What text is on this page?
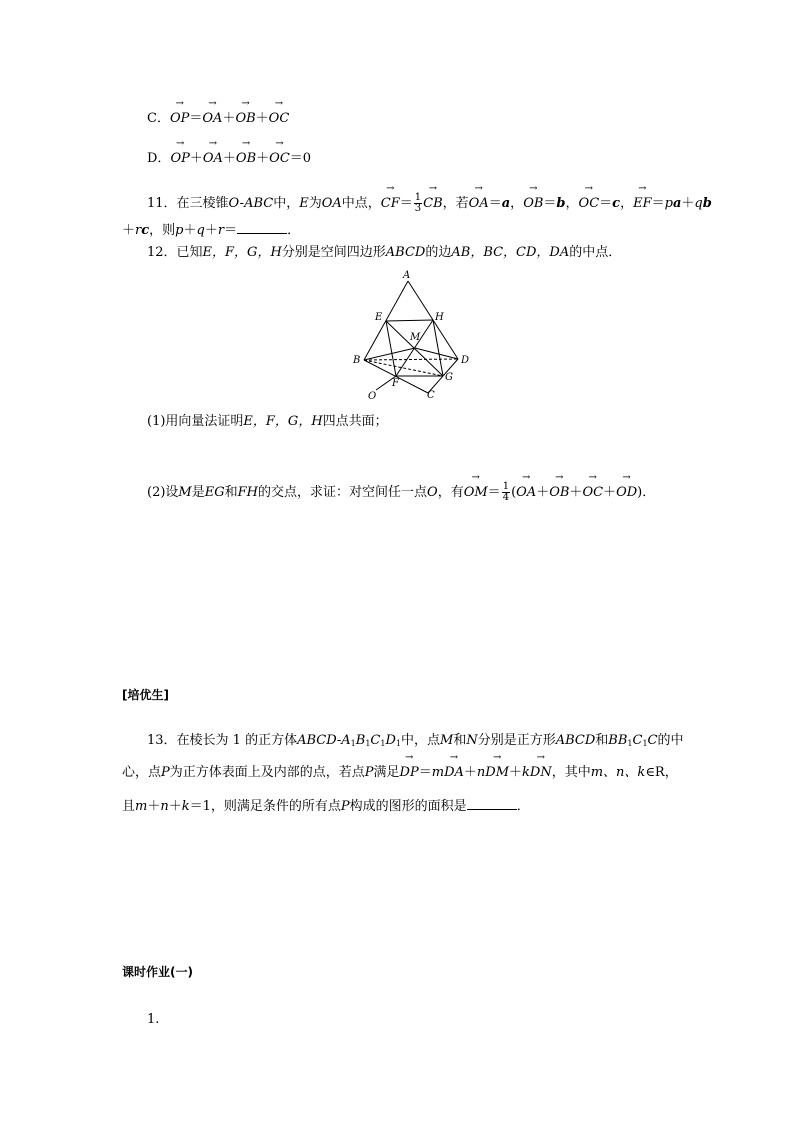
C．→ OP＝→ OA＋→ OB＋→ OC
D．→ OP＋→ OA＋→ OB＋→ OC＝0
11．在三棱锥O-ABC中，E为OA中点，→ $CF= \frac{1}{3}$
→ CB，若→ OA＝a，→ OB＝b，→ OC＝c，→ EF＝pa＋qb
＋rc，则p＋q＋r＝	．
12．已知E，F，G，H分别是空间四边形ABCD的边AB，BC，CD，DA的中点．
A
E	H
M
B	D
F
G
O	C
(1)用向量法证明E，F，G，H四点共面；
(2)设M是EG和FH的交点，求证：对空间任一点O，有→ $OM= \frac{1}{4}$ (→ OA＋→ OB＋→ OC＋→ OD)．
[培优生]
13．在棱长为 1 的正方体ABCD-$A_1B_1C_1D_1$中，点M和N分别是正方形ABCD和$BB_1C_1C$的中
心，点P为正方体表面上及内部的点，若点P满足→ DP＝m→ DA＋n→ DM＋k→ DN，其中m、n、k∈R，
且m＋n＋k＝1，则满足条件的所有点P构成的图形的面积是	．
课时作业(一)
1.
